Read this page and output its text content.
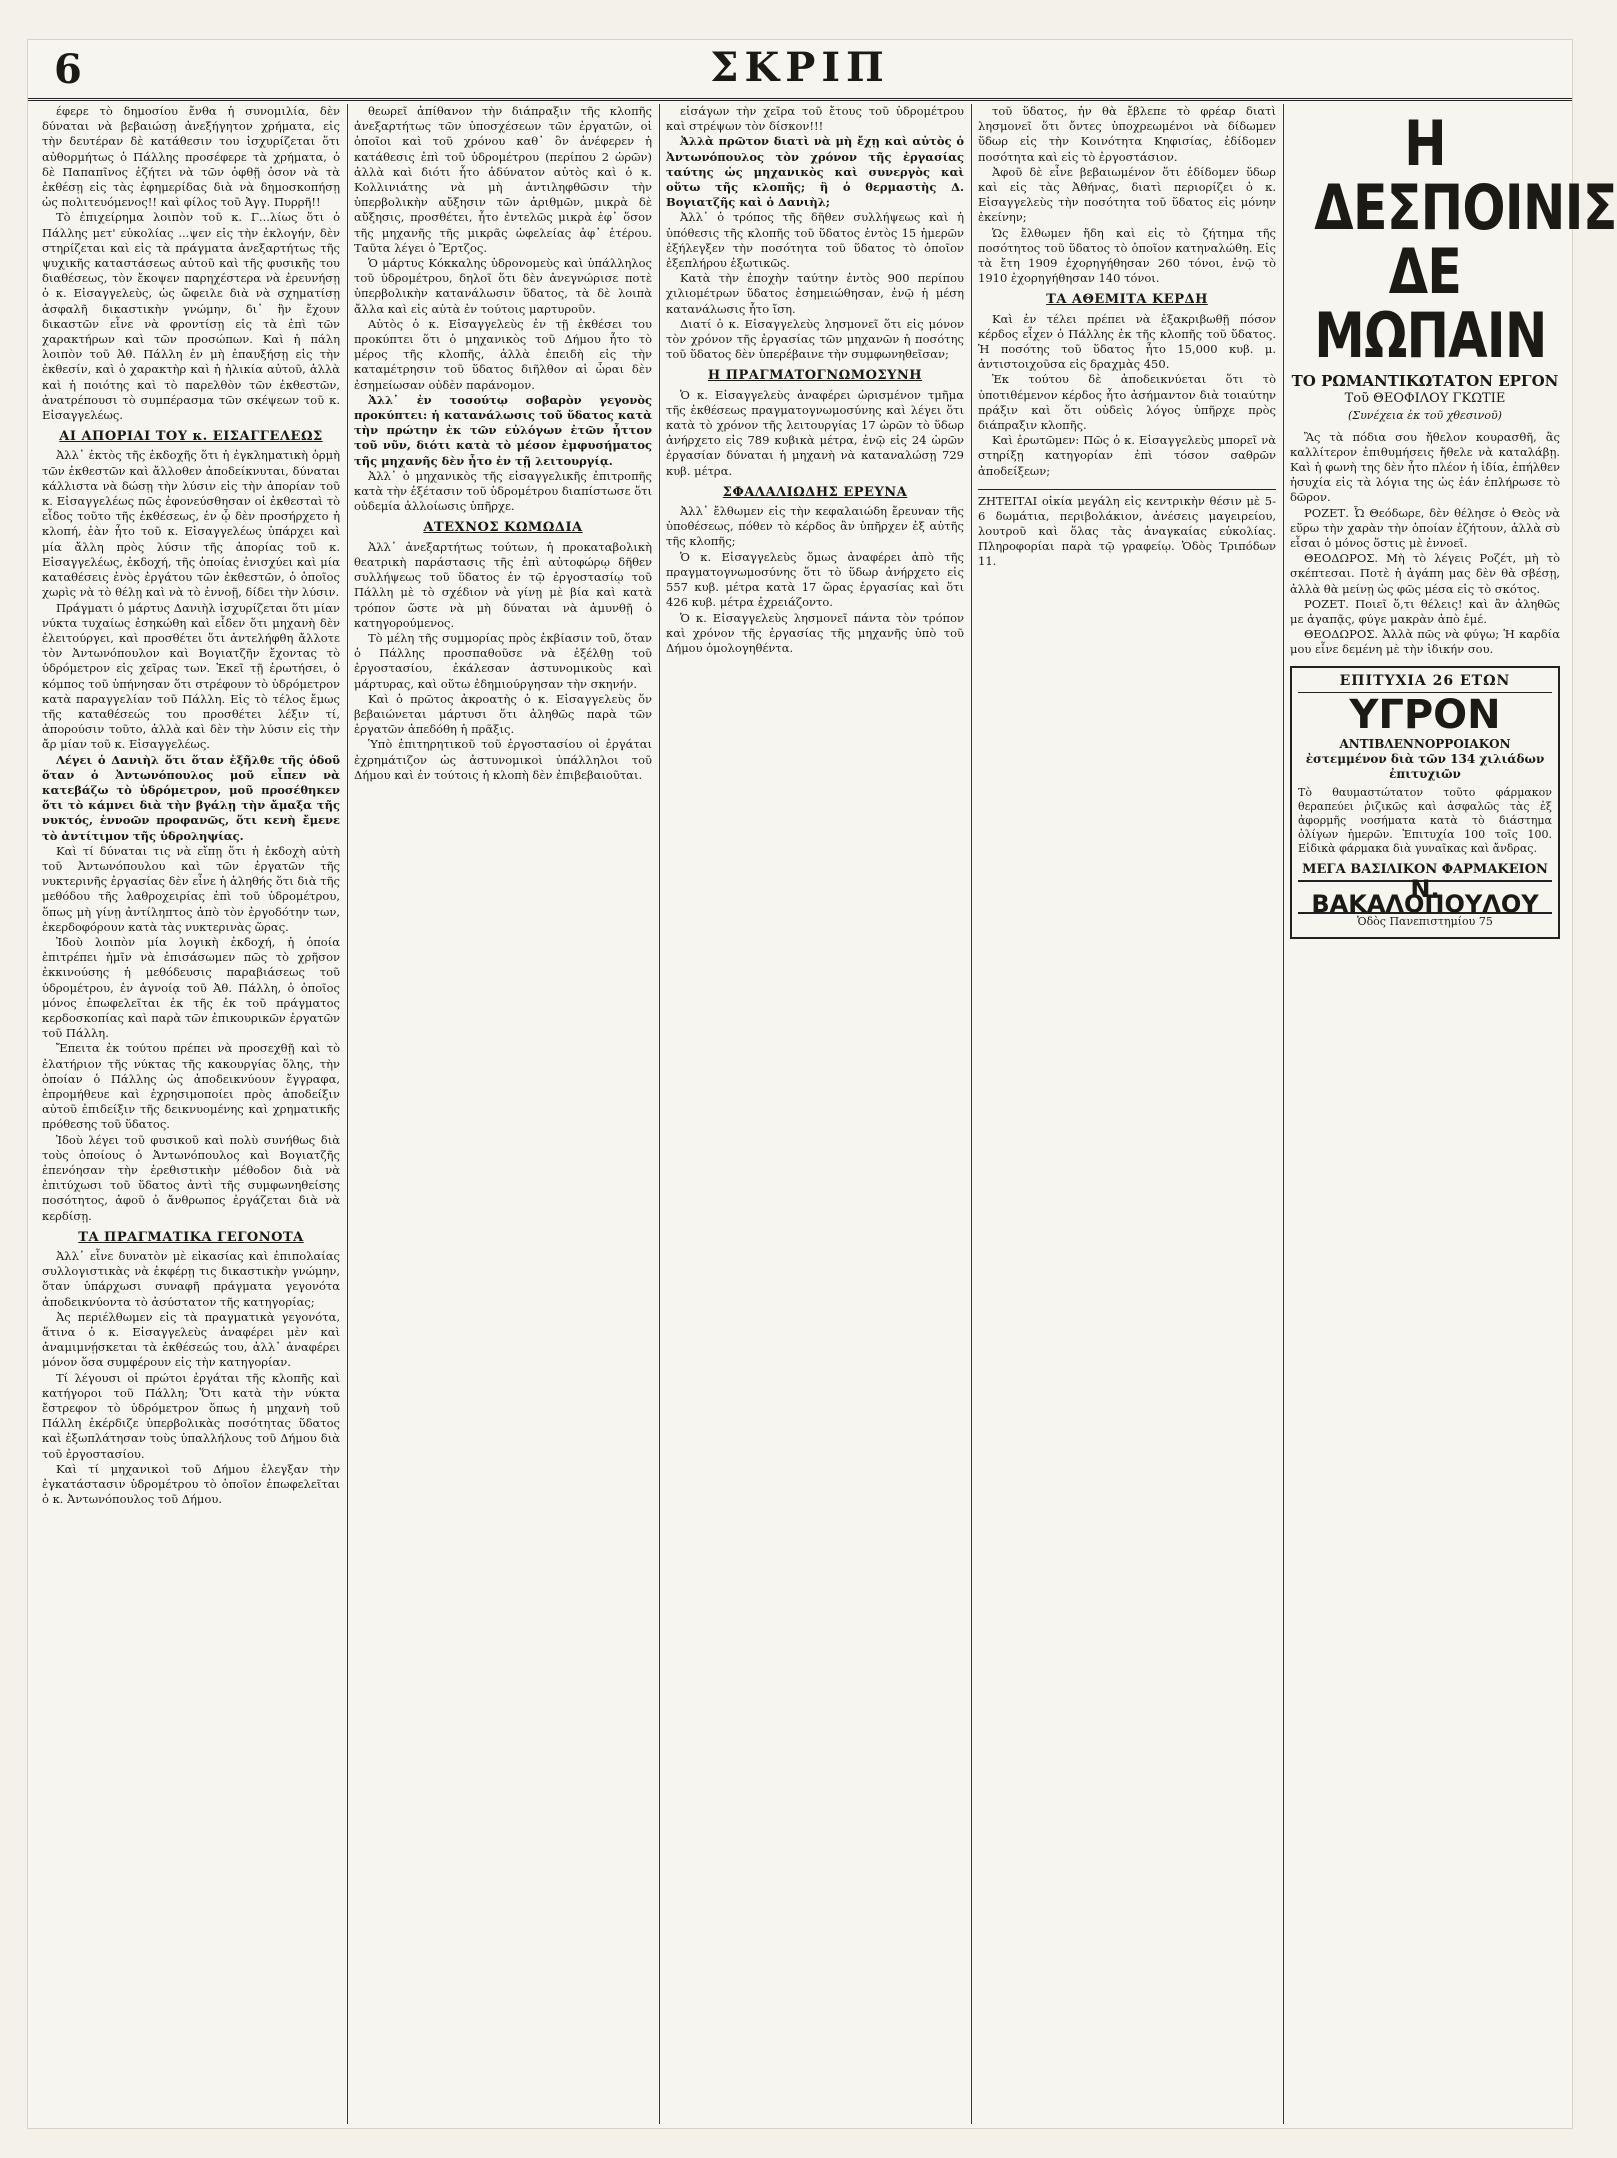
6	ΣΚΡΙΠ

έφερε τὸ δημοσίου ἔνθα ἡ συνομιλία, δὲν δύναται νὰ βεβαιώσῃ ἀνεξήγητον χρήματα, εἰς τὴν δευτέραν δὲ κατάθεσιν του ἰσχυρίζεται ὅτι αὐθορμήτως ὁ Πάλλης προσέφερε τὰ χρήματα, ὁ δὲ Παπαπῖνος ἐζήτει νὰ τῶν ὀφθῇ ὁσον νὰ τὰ ἐκθέσῃ εἰς τὰς ἐφημερίδας διὰ νὰ δημοσκοπήσῃ ὡς πολιτευόμενος!! καὶ φίλος τοῦ Ἀγγ. Πυρρῆ!!

Τὸ ἐπιχείρημα λοιπὸν τοῦ κ. Γ...λίως ὅτι ὁ Πάλλης μετ' εὐκολίας ...ψεν εἰς τὴν ἐκλογήν, δὲν στηρίζεται καὶ εἰς τὰ πράγματα ἀνεξαρτήτως τῆς ψυχικῆς καταστάσεως αὐτοῦ καὶ τῆς φυσικῆς του διαθέσεως, τὸν ἔκοψεν παρηχέστερα νὰ ἐρευνήσῃ ὁ κ. Εἰσαγγελεὺς, ὡς ὤφειλε διὰ νὰ σχηματίσῃ ἀσφαλῆ δικαστικὴν γνώμην, δι᾽ ἣν ἔχουν δικαστῶν εἶνε νὰ φροντίσῃ εἰς τὰ ἐπὶ τῶν χαρακτήρων καὶ τῶν προσώπων. Καὶ ἡ πάλη λοιπὸν τοῦ Ἀθ. Πάλλη ἐν μὴ ἐπαυξήσῃ εἰς τὴν ἐκθεσίν, καὶ ὁ χαρακτὴρ καὶ ἡ ἡλικία αὐτοῦ, ἀλλὰ καὶ ἡ ποιότης καὶ τὸ παρελθὸν τῶν ἐκθεστῶν, ἀνατρέπουσι τὸ συμπέρασμα τῶν σκέψεων τοῦ κ. Εἰσαγγελέως.

ΑΙ ΑΠΟΡΙΑΙ ΤΟΥ κ. ΕΙΣΑΓΓΕΛΕΩΣ

Ἀλλ᾽ ἐκτὸς τῆς ἐκδοχῆς ὅτι ἡ ἐγκληματικὴ ὁρμὴ τῶν ἐκθεστῶν καὶ ἄλλοθεν ἀποδείκνυται, δύναται κάλλιστα νὰ δώσῃ τὴν λύσιν εἰς τὴν ἀπορίαν τοῦ κ. Εἰσαγγελέως πῶς ἐφονεύσθησαν οἱ ἐκθεσταὶ τὸ εἶδος τοῦτο τῆς ἐκθέσεως, ἐν ᾧ δὲν προσήρχετο ἡ κλοπή, ἐὰν ἦτο τοῦ κ. Εἰσαγγελέως ὑπάρχει καὶ μία ἄλλη πρὸς λύσιν τῆς ἀπορίας τοῦ κ. Εἰσαγγελέως, ἐκδοχή, τῆς ὁποίας ἐνισχύει καὶ μία καταθέσεις ἐνὸς ἐργάτου τῶν ἐκθεστῶν, ὁ ὁποῖος χωρὶς νὰ τὸ θέλῃ καὶ νὰ τὸ ἐννοῇ, δίδει τὴν λύσιν.

Πράγματι ὁ μάρτυς Δανιὴλ ἰσχυρίζεται ὅτι μίαν νύκτα τυχαίως ἐσηκώθη καὶ εἶδεν ὅτι μηχανὴ δὲν ἐλειτούργει, καὶ προσθέτει ὅτι ἀντελήφθη ἄλλοτε τὸν Ἀντωνόπουλον καὶ Βογιατζῆν ἔχοντας τὸ ὑδρόμετρον εἰς χεῖρας των. Ἐκεῖ τῇ ἐρωτήσει, ὁ κόμπος τοῦ ὑπήνησαν ὅτι στρέφουν τὸ ὑδρόμετρον κατὰ παραγγελίαν τοῦ Πάλλη. Εἰς τὸ τέλος ἔμως τῆς καταθέσεώς του προσθέτει λέξιν τί, ἀπορούσιν τοῦτο, ἀλλὰ καὶ δὲν τὴν λύσιν εἰς τὴν ἄρ μίαν τοῦ κ. Εἰσαγγελέως.

Λέγει ὁ Δανιὴλ ὅτι ὅταν ἐξῆλθε τῆς ὁδοῦ ὅταν ὁ Ἀντωνόπουλος μοῦ εἶπεν νὰ κατεβάζω τὸ ὑδρόμετρον, μοῦ προσέθηκεν ὅτι τὸ κάμνει διὰ τὴν βγάλῃ τὴν ἄμαξα τῆς νυκτός, ἐννοῶν προφανῶς, ὅτι κενὴ ἔμενε τὸ ἀντίτιμον τῆς ὑδροληψίας.

Καὶ τί δύναται τις νὰ εἴπῃ ὅτι ἡ ἐκδοχὴ αὐτὴ τοῦ Ἀντωνόπουλου καὶ τῶν ἐργατῶν τῆς νυκτερινῆς ἐργασίας δὲν εἶνε ἡ ἀληθής ὅτι διὰ τῆς μεθόδου τῆς λαθροχειρίας ἐπὶ τοῦ ὑδρομέτρου, ὅπως μὴ γίνῃ ἀντίληπτος ἀπὸ τὸν ἐργοδότην των, ἐκερδοφόρουν κατὰ τὰς νυκτερινὰς ὥρας.

Ἰδοὺ λοιπὸν μία λογικὴ ἐκδοχή, ἡ ὁποία ἐπιτρέπει ἡμῖν νὰ ἐπισάσωμεν πῶς τὸ χρῆσον ἐκκινούσης ἡ μεθόδευσις παραβιάσεως τοῦ ὑδρομέτρου, ἐν ἀγνοίᾳ τοῦ Ἀθ. Πάλλη, ὁ ὁποῖος μόνος ἐπωφελεῖται ἐκ τῆς ἐκ τοῦ πράγματος κερδοσκοπίας καὶ παρὰ τῶν ἐπικουρικῶν ἐργατῶν τοῦ Πάλλη.

Ἔπειτα ἐκ τούτου πρέπει νὰ προσεχθῇ καὶ τὸ ἐλατήριον τῆς νύκτας τῆς κακουργίας ὅλης, τὴν ὁποίαν ὁ Πάλλης ὡς ἀποδεικνύουν ἔγγραφα, ἐπρομήθευε καὶ ἐχρησιμοποίει πρὸς ἀποδείξιν αὐτοῦ ἐπιδείξιν τῆς δεικνυομένης καὶ χρηματικῆς πρόθεσης τοῦ ὕδατος.

Ἰδοὺ λέγει τοῦ φυσικοῦ καὶ πολὺ συνήθως διὰ τοὺς ὁποίους ὁ Ἀντωνόπουλος καὶ Βογιατζῆς ἐπενόησαν τὴν ἐρεθιστικὴν μέθοδον διὰ νὰ ἐπιτύχωσι τοῦ ὕδατος ἀντὶ τῆς συμφωνηθείσης ποσότητος, ἀφοῦ ὁ ἄνθρωπος ἐργάζεται διὰ νὰ κερδίσῃ.

ΤΑ ΠΡΑΓΜΑΤΙΚΑ ΓΕΓΟΝΟΤΑ

Ἀλλ᾽ εἶνε δυνατὸν μὲ εἰκασίας καὶ ἐπιπολαίας συλλογιστικὰς νὰ ἐκφέρῃ τις δικαστικὴν γνώμην, ὅταν ὑπάρχωσι συναφῆ πράγματα γεγονότα ἀποδεικνύοντα τὸ ἀσύστατον τῆς κατηγορίας;

Ἀς περιέλθωμεν εἰς τὰ πραγματικὰ γεγονότα, ἅτινα ὁ κ. Εἰσαγγελεὺς ἀναφέρει μὲν καὶ ἀναμιμνῄσκεται τὰ ἐκθέσεώς του, ἀλλ᾽ ἀναφέρει μόνον ὅσα συμφέρουν εἰς τὴν κατηγορίαν.

Τί λέγουσι οἱ πρώτοι ἐργάται τῆς κλοπῆς καὶ κατήγοροι τοῦ Πάλλη; Ὅτι κατὰ τὴν νύκτα ἔστρεφον τὸ ὑδρόμετρον ὅπως ἡ μηχανὴ τοῦ Πάλλη ἐκέρδιζε ὑπερβολικὰς ποσότητας ὕδατος καὶ ἐξωπλάτησαν τοὺς ὑπαλλήλους τοῦ Δήμου διὰ τοῦ ἐργοστασίου.

Καὶ τί μηχανικοὶ τοῦ Δήμου ἐλεγξαν τὴν ἐγκατάστασιν ὑδρομέτρου τὸ ὁποῖον ἐπωφελεῖται ὁ κ. Ἀντωνόπουλος τοῦ Δήμου.

θεωρεῖ ἀπίθανον τὴν διάπραξιν τῆς κλοπῆς ἀνεξαρτήτως τῶν ὑποσχέσεων τῶν ἐργατῶν, οἱ ὁποῖοι καὶ τοῦ χρόνου καθ᾽ ὃν ἀνέφερεν ἡ κατάθεσις ἐπὶ τοῦ ὑδρομέτρου (περίπου 2 ὡρῶν) ἀλλὰ καὶ διότι ἦτο ἀδύνατον αὐτὸς καὶ ὁ κ. Κολλινιάτης νὰ μὴ ἀντιληφθῶσιν τὴν ὑπερβολικὴν αὔξησιν τῶν ἀριθμῶν, μικρὰ δὲ αὔξησις, προσθέτει, ἦτο ἐντελῶς μικρὰ ἐφ᾽ ὅσον τῆς μηχανῆς τῆς μικρᾶς ὡφελείας ἀφ᾽ ἑτέρου. Ταῦτα λέγει ὁ Ἔρτζος.

Ὁ μάρτυς Κόκκαλης ὑδρονομεὺς καὶ ὑπάλληλος τοῦ ὑδρομέτρου, δηλοῖ ὅτι δὲν ἀνεγνώρισε ποτὲ ὑπερβολικὴν κατανάλωσιν ὕδατος, τὰ δὲ λοιπὰ ἄλλα καὶ εἰς αὐτὰ ἐν τούτοις μαρτυροῦν.

Αὐτὸς ὁ κ. Εἰσαγγελεὺς ἐν τῇ ἐκθέσει του προκύπτει ὅτι ὁ μηχανικὸς τοῦ Δήμου ἦτο τὸ μέρος τῆς κλοπῆς, ἀλλὰ ἐπειδὴ εἰς τὴν καταμέτρησιν τοῦ ὕδατος διῆλθον αἱ ὧραι δὲν ἐσημείωσαν οὐδὲν παράνομον.

Ἀλλ᾽ ἐν τοσούτῳ σοβαρὸν γεγονὸς προκύπτει: ἡ κατανάλωσις τοῦ ὕδατος κατὰ τὴν πρώτην ἐκ τῶν εὐλόγων ἐτῶν ἧττον τοῦ νῦν, διότι κατὰ τὸ μέσον ἐμφυσήματος τῆς μηχανῆς δὲν ἦτο ἐν τῇ λειτουργίᾳ.

Ἀλλ᾽ ὁ μηχανικὸς τῆς εἰσαγγελικῆς ἐπιτροπῆς κατὰ τὴν ἐξέτασιν τοῦ ὑδρομέτρου διαπίστωσε ὅτι οὐδεμία ἀλλοίωσις ὑπῆρχε.

ΑΤΕΧΝΟΣ ΚΩΜΩΔΙΑ

Ἀλλ᾽ ἀνεξαρτήτως τούτων, ἡ προκαταβολικὴ θεατρικὴ παράστασις τῆς ἐπὶ αὐτοφώρῳ δῆθεν συλλήψεως τοῦ ὕδατος ἐν τῷ ἐργοστασίῳ τοῦ Πάλλη μὲ τὸ σχέδιον νὰ γίνῃ μὲ βία καὶ κατὰ τρόπον ὥστε νὰ μὴ δύναται νὰ ἀμυνθῇ ὁ κατηγορούμενος.

Τὸ μέλη τῆς συμμορίας πρὸς ἐκβίασιν τοῦ, ὅταν ὁ Πάλλης προσπαθοῦσε νὰ ἐξέλθῃ τοῦ ἐργοστασίου, ἐκάλεσαν ἀστυνομικοὺς καὶ μάρτυρας, καὶ οὕτω ἐδημιούργησαν τὴν σκηνήν.

Καὶ ὁ πρῶτος ἀκροατὴς ὁ κ. Εἰσαγγελεὺς ὅν βεβαιώνεται μάρτυσι ὅτι ἀληθῶς παρὰ τῶν ἐργατῶν ἀπεδόθη ἡ πρᾶξις.

Ὑπὸ ἐπιτηρητικοῦ τοῦ ἐργοστασίου οἱ ἐργάται ἐχρημάτιζον ὡς ἀστυνομικοὶ ὑπάλληλοι τοῦ Δήμου καὶ ἐν τούτοις ἡ κλοπὴ δὲν ἐπιβεβαιοῦται.

εἰσάγων τὴν χεῖρα τοῦ ἔτους τοῦ ὑδρομέτρου καὶ στρέψων τὸν δίσκον!!!

Ἀλλὰ πρῶτον διατὶ νὰ μὴ ἔχῃ καὶ αὐτὸς ὁ Ἀντωνόπουλος τὸν χρόνον τῆς ἐργασίας ταύτης ὡς μηχανικὸς καὶ συνεργὸς καὶ οὕτω τῆς κλοπῆς; ἢ ὁ θερμαστὴς Δ. Βογιατζῆς καὶ ὁ Δανιὴλ;

Ἀλλ᾽ ὁ τρόπος τῆς δῆθεν συλλήψεως καὶ ἡ ὑπόθεσις τῆς κλοπῆς τοῦ ὕδατος ἐντὸς 15 ἡμερῶν ἐξήλεγξεν τὴν ποσότητα τοῦ ὕδατος τὸ ὁποῖον ἐξεπλήρου ἐξωτικῶς.

Κατὰ τὴν ἐποχὴν ταύτην ἐντὸς 900 περίπου χιλιομέτρων ὕδατος ἐσημειώθησαν, ἐνῷ ἡ μέση κατανάλωσις ἦτο ἴση.

Διατί ὁ κ. Εἰσαγγελεὺς λησμονεῖ ὅτι εἰς μόνον τὸν χρόνον τῆς ἐργασίας τῶν μηχανῶν ἡ ποσότης τοῦ ὕδατος δὲν ὑπερέβαινε τὴν συμφωνηθεῖσαν;

Η ΠΡΑΓΜΑΤΟΓΝΩΜΟΣΥΝΗ

Ὁ κ. Εἰσαγγελεὺς ἀναφέρει ὡρισμένον τμῆμα τῆς ἐκθέσεως πραγματογνωμοσύνης καὶ λέγει ὅτι κατὰ τὸ χρόνον τῆς λειτουργίας 17 ὡρῶν τὸ ὕδωρ ἀνήρχετο εἰς 789 κυβικὰ μέτρα, ἐνῷ εἰς 24 ὡρῶν ἐργασίαν δύναται ἡ μηχανὴ νὰ καταναλώσῃ 729 κυβ. μέτρα.

ΣΦΑΛΑΛΙΩΔΗΣ ΕΡΕΥΝΑ

Ἀλλ᾽ ἔλθωμεν εἰς τὴν κεφαλαιώδη ἔρευναν τῆς ὑποθέσεως, πόθεν τὸ κέρδος ἂν ὑπῆρχεν ἐξ αὐτῆς τῆς κλοπῆς;

Ὁ κ. Εἰσαγγελεὺς ὅμως ἀναφέρει ἀπὸ τῆς πραγματογνωμοσύνης ὅτι τὸ ὕδωρ ἀνήρχετο εἰς 557 κυβ. μέτρα κατὰ 17 ὥρας ἐργασίας καὶ ὅτι 426 κυβ. μέτρα ἐχρειάζοντο.

Ὁ κ. Εἰσαγγελεὺς λησμονεῖ πάντα τὸν τρόπον καὶ χρόνον τῆς ἐργασίας τῆς μηχανῆς ὑπὸ τοῦ Δήμου ὁμολογηθέντα.

τοῦ ὕδατος, ἡν θὰ ἔβλεπε τὸ φρέαρ διατὶ λησμονεῖ ὅτι ὄντες ὑποχρεωμένοι νὰ δίδωμεν ὕδωρ εἰς τὴν Κοινότητα Κηφισίας, ἐδίδομεν ποσότητα καὶ εἰς τὸ ἐργοστάσιον.

Ἀφοῦ δὲ εἶνε βεβαιωμένον ὅτι ἐδίδομεν ὕδωρ καὶ εἰς τὰς Ἀθήνας, διατὶ περιορίζει ὁ κ. Εἰσαγγελεὺς τὴν ποσότητα τοῦ ὕδατος εἰς μόνην ἐκείνην;

Ὡς ἔλθωμεν ἤδη καὶ εἰς τὸ ζήτημα τῆς ποσότητος τοῦ ὕδατος τὸ ὁποῖον κατηναλώθη. Εἰς τὰ ἔτη 1909 ἐχορηγήθησαν 260 τόνοι, ἐνῷ τὸ 1910 ἐχορηγήθησαν 140 τόνοι.

ΤΑ ΑΘΕΜΙΤΑ ΚΕΡΔΗ

Καὶ ἐν τέλει πρέπει νὰ ἐξακριβωθῇ πόσον κέρδος εἶχεν ὁ Πάλλης ἐκ τῆς κλοπῆς τοῦ ὕδατος. Ἡ ποσότης τοῦ ὕδατος ἦτο 15,000 κυβ. μ. ἀντιστοιχοῦσα εἰς δραχμὰς 450.

Ἐκ τούτου δὲ ἀποδεικνύεται ὅτι τὸ ὑποτιθέμενον κέρδος ἦτο ἀσήμαντον διὰ τοιαύτην πράξιν καὶ ὅτι οὐδεὶς λόγος ὑπῆρχε πρὸς διάπραξιν κλοπῆς.

Καὶ ἐρωτῶμεν: Πῶς ὁ κ. Εἰσαγγελεὺς μπορεῖ νὰ στηρίξῃ κατηγορίαν ἐπὶ τόσον σαθρῶν ἀποδείξεων;

ΖΗΤΕΙΤΑΙ οἰκία μεγάλη εἰς κεντρικὴν θέσιν μὲ 5-6 δωμάτια, περιβολάκιον, ἀνέσεις μαγειρείου, λουτροῦ καὶ ὅλας τὰς ἀναγκαίας εὐκολίας. Πληροφορίαι παρὰ τῷ γραφείῳ. Ὁδὸς Τριπόδων 11.
Η ΔΕΣΠΟΙΝΙΣ ΔΕ ΜΩΠΑΙΝ
ΤΟ ΡΩΜΑΝΤΙΚΩΤΑΤΟΝ ΕΡΓΟΝ
Τοῦ ΘΕΟΦΙΛΟΥ ΓΚΩΤΙΕ
(Συνέχεια ἐκ τοῦ χθεσινοῦ)

Ἂς τὰ πόδια σου ἤθελον κουρασθῆ, ἂς καλλίτερον ἐπιθυμήσεις ἤθελε νὰ καταλάβῃ. Καὶ ἡ φωνὴ της δὲν ἦτο πλέον ἡ ἰδία, ἐπήλθεν ἡσυχία εἰς τὰ λόγια της ὡς ἐάν ἐπλήρωσε τὸ δῶρον.

ΡΟΖΕΤ. Ὦ Θεόδωρε, δὲν θέλησε ὁ Θεὸς νὰ εὕρω τὴν χαρὰν τὴν ὁποίαν ἐζήτουν, ἀλλὰ σὺ εἶσαι ὁ μόνος ὅστις μὲ ἐννοεῖ.

ΘΕΟΔΩΡΟΣ. Μὴ τὸ λέγεις Ροζέτ, μὴ τὸ σκέπτεσαι. Ποτὲ ἡ ἀγάπη μας δὲν θὰ σβέσῃ, ἀλλὰ θὰ μείνῃ ὡς φῶς μέσα εἰς τὸ σκότος.

ΡΟΖΕΤ. Ποιεῖ ὅ,τι θέλεις! καὶ ἂν ἀληθῶς με ἀγαπᾷς, φύγε μακρὰν ἀπὸ ἐμέ.

ΘΕΟΔΩΡΟΣ. Ἀλλὰ πῶς νὰ φύγω; Ἡ καρδία μου εἶνε δεμένη μὲ τὴν ἰδικήν σου.

ΕΠΙΤΥΧΙΑ 26 ΕΤΩΝ
ΥΓΡΟΝ
ΑΝΤΙΒΛΕΝΝΟΡΡΟΙΑΚΟΝ
ἐστεμμένον διὰ τῶν 134 χιλιάδων ἐπιτυχιῶν
Τὸ θαυμαστώτατον τοῦτο φάρμακον θεραπεύει ῥιζικῶς καὶ ἀσφαλῶς τὰς ἐξ ἀφορμῆς νοσήματα κατὰ τὸ διάστημα ὀλίγων ἡμερῶν. Ἐπιτυχία 100 τοῖς 100. Εἰδικὰ φάρμακα διὰ γυναῖκας καὶ ἄνδρας.
ΜΕΓΑ ΒΑΣΙΛΙΚΟΝ ΦΑΡΜΑΚΕΙΟΝ
Ν. ΒΑΚΑΛΟΠΟΥΛΟΥ
Ὁδὸς Πανεπιστημίου 75
